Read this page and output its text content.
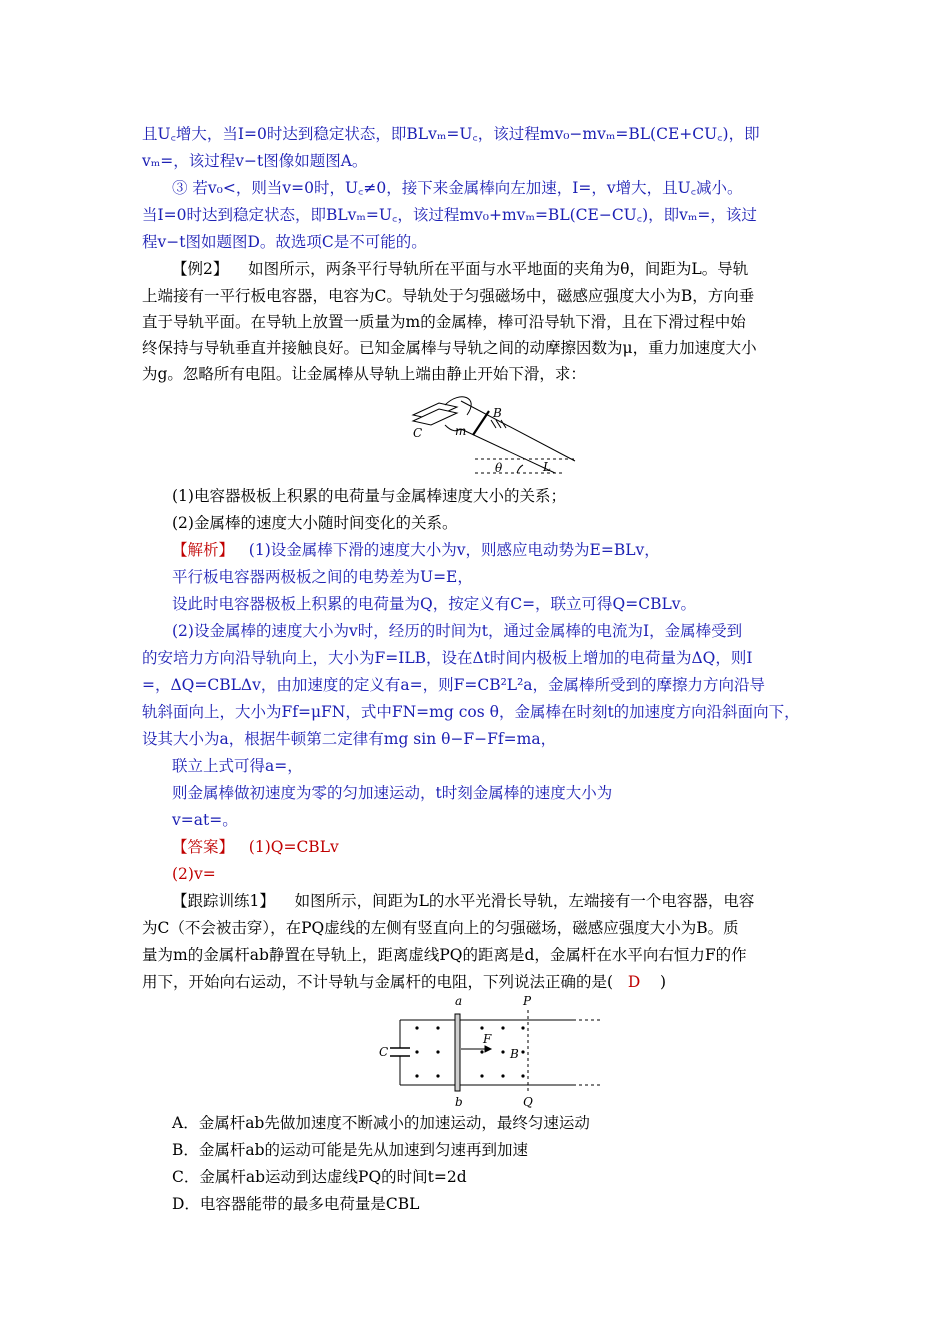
且U꜀增大，当I=0时达到稳定状态，即BLvₘ=U꜀，该过程mv₀−mvₘ=BL(CE+CU꜀)，即
vₘ=，该过程v−t图像如题图A。
③ 若v₀<，则当v=0时，U꜀≠0，接下来金属棒向左加速，I=，v增大，且U꜀减小。
当I=0时达到稳定状态，即BLvₘ=U꜀，该过程mv₀+mvₘ=BL(CE−CU꜀)，即vₘ=，该过
程v−t图如题图D。故选项C是不可能的。
【例2】 如图所示，两条平行导轨所在平面与水平地面的夹角为θ，间距为L。导轨
上端接有一平行板电容器，电容为C。导轨处于匀强磁场中，磁感应强度大小为B，方向垂
直于导轨平面。在导轨上放置一质量为m的金属棒，棒可沿导轨下滑，且在下滑过程中始
终保持与导轨垂直并接触良好。已知金属棒与导轨之间的动摩擦因数为μ，重力加速度大小
为g。忽略所有电阻。让金属棒从导轨上端由静止开始下滑，求：
C	m
B
θ	L
(1)电容器极板上积累的电荷量与金属棒速度大小的关系；
(2)金属棒的速度大小随时间变化的关系。
【解析】 (1)设金属棒下滑的速度大小为v，则感应电动势为E=BLv，
平行板电容器两极板之间的电势差为U=E，
设此时电容器极板上积累的电荷量为Q，按定义有C=，联立可得Q=CBLv。
(2)设金属棒的速度大小为v时，经历的时间为t，通过金属棒的电流为I，金属棒受到
的安培力方向沿导轨向上，大小为F=ILB，设在Δt时间内极板上增加的电荷量为ΔQ，则I
=，ΔQ=CBLΔv，由加速度的定义有a=，则F=CB²L²a，金属棒所受到的摩擦力方向沿导
轨斜面向上，大小为Ff=μFN，式中FN=mg cos θ，金属棒在时刻t的加速度方向沿斜面向下，
设其大小为a，根据牛顿第二定律有mg sin θ−F−Ff=ma，
联立上式可得a=，
则金属棒做初速度为零的匀加速运动，t时刻金属棒的速度大小为
v=at=。
【答案】 (1)Q=CBLv
(2)v=
【跟踪训练1】 如图所示，间距为L的水平光滑长导轨，左端接有一个电容器，电容
为C（不会被击穿），在PQ虚线的左侧有竖直向上的匀强磁场，磁感应强度大小为B。质
量为m的金属杆ab静置在导轨上，距离虚线PQ的距离是d，金属杆在水平向右恒力F的作
用下，开始向右运动，不计导轨与金属杆的电阻，下列说法正确的是( D )
a	P
C
F
B
b	Q
A．金属杆ab先做加速度不断减小的加速运动，最终匀速运动
B．金属杆ab的运动可能是先从加速到匀速再到加速
C．金属杆ab运动到达虚线PQ的时间t=2d
D．电容器能带的最多电荷量是CBL
